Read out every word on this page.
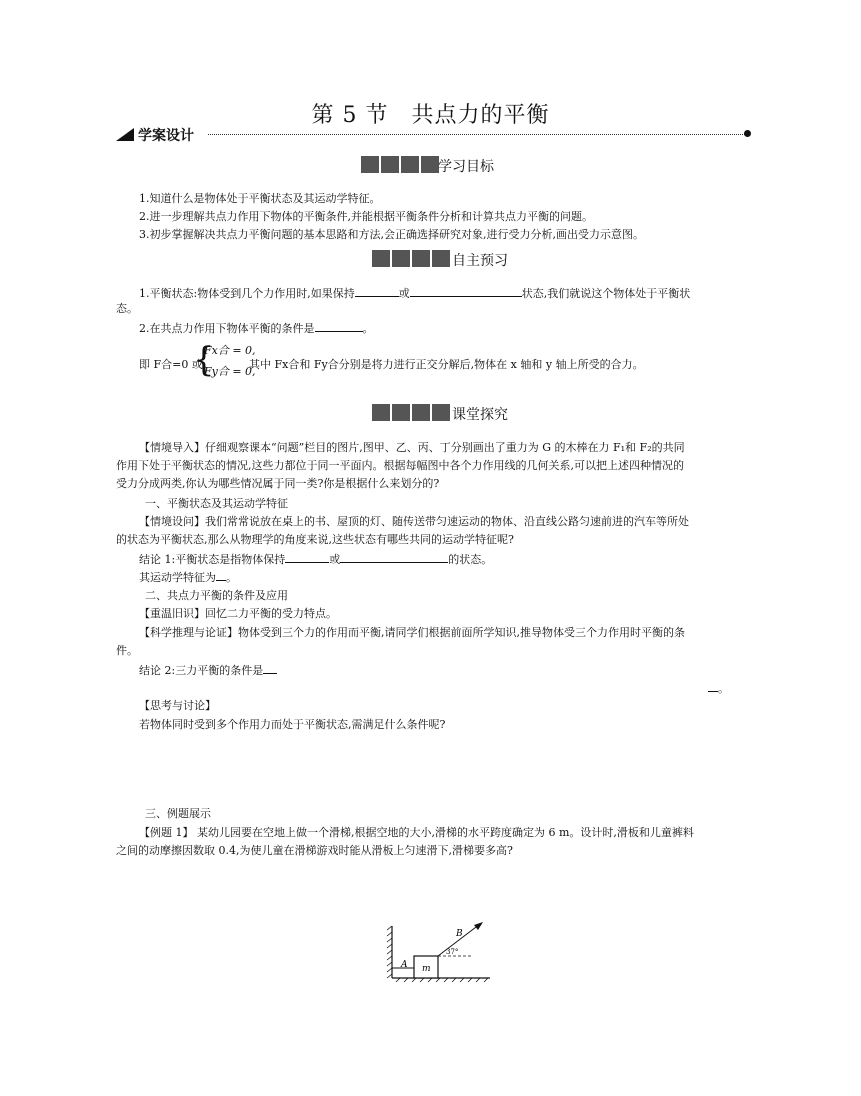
第 5 节　共点力的平衡
学案设计
学习目标
1.知道什么是物体处于平衡状态及其运动学特征。
2.进一步理解共点力作用下物体的平衡条件,并能根据平衡条件分析和计算共点力平衡的问题。
3.初步掌握解决共点力平衡问题的基本思路和方法,会正确选择研究对象,进行受力分析,画出受力示意图。
自主预习
1.平衡状态:物体受到几个力作用时,如果保持	或	状态,我们就说这个物体处于平衡状
态。
2.在共点力作用下物体平衡的条件是	。
即 F合=0 或
{
Fx合 = 0,
Fy合 = 0,
其中 Fx合和 Fy合分别是将力进行正交分解后,物体在 x 轴和 y 轴上所受的合力。
课堂探究
【情境导入】仔细观察课本“问题”栏目的图片,图甲、乙、丙、丁分别画出了重力为 G 的木棒在力 F₁和 F₂的共同
作用下处于平衡状态的情况,这些力都位于同一平面内。根据每幅图中各个力作用线的几何关系,可以把上述四种情况的
受力分成两类,你认为哪些情况属于同一类?你是根据什么来划分的?
一、平衡状态及其运动学特征
【情境设问】我们常常说放在桌上的书、屋顶的灯、随传送带匀速运动的物体、沿直线公路匀速前进的汽车等所处
的状态为平衡状态,那么从物理学的角度来说,这些状态有哪些共同的运动学特征呢?
结论 1:平衡状态是指物体保持	或	的状态。
其运动学特征为 。
二、共点力平衡的条件及应用
【重温旧识】回忆二力平衡的受力特点。
【科学推理与论证】物体受到三个力的作用而平衡,请同学们根据前面所学知识,推导物体受三个力作用时平衡的条
件。
结论 2:三力平衡的条件是
。
【思考与讨论】
若物体同时受到多个作用力而处于平衡状态,需满足什么条件呢?
三、例题展示
【例题 1】 某幼儿园要在空地上做一个滑梯,根据空地的大小,滑梯的水平跨度确定为 6 m。设计时,滑板和儿童裤料
之间的动摩擦因数取 0.4,为使儿童在滑梯游戏时能从滑板上匀速滑下,滑梯要多高?
A m
B
37°
